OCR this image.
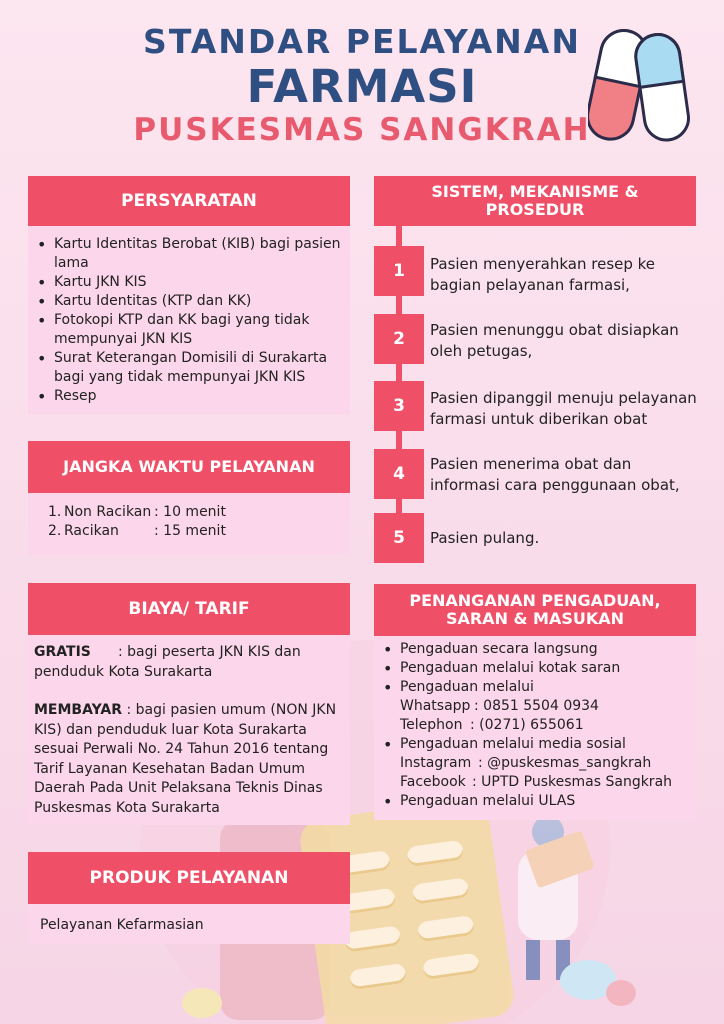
STANDAR PELAYANAN
FARMASI
PUSKESMAS SANGKRAH
PERSYARATAN
• Kartu Identitas Berobat (KIB) bagi pasien lama
• Kartu JKN KIS
• Kartu Identitas (KTP dan KK)
• Fotokopi KTP dan KK bagi yang tidak mempunyai JKN KIS
• Surat Keterangan Domisili di Surakarta bagi yang tidak mempunyai JKN KIS
• Resep
JANGKA WAKTU PELAYANAN
1. Non Racikan : 10 menit
2. Racikan	: 15 menit
BIAYA/ TARIF
GRATIS : bagi peserta JKN KIS dan penduduk Kota Surakarta
MEMBAYAR : bagi pasien umum (NON JKN KIS) dan penduduk luar Kota Surakarta sesuai Perwali No. 24 Tahun 2016 tentang Tarif Layanan Kesehatan Badan Umum Daerah Pada Unit Pelaksana Teknis Dinas Puskesmas Kota Surakarta
PRODUK PELAYANAN
Pelayanan Kefarmasian
SISTEM, MEKANISME & PROSEDUR
1	Pasien menyerahkan resep ke bagian pelayanan farmasi,
2	Pasien menunggu obat disiapkan oleh petugas,
3	Pasien dipanggil menuju pelayanan farmasi untuk diberikan obat
4	Pasien menerima obat dan informasi cara penggunaan obat,
5	Pasien pulang.
PENANGANAN PENGADUAN, SARAN & MASUKAN
• Pengaduan secara langsung
• Pengaduan melalui kotak saran
• Pengaduan melalui
Whatsapp : 0851 5504 0934
Telephon : (0271) 655061
• Pengaduan melalui media sosial
Instagram : @puskesmas_sangkrah
Facebook : UPTD Puskesmas Sangkrah
• Pengaduan melalui ULAS
